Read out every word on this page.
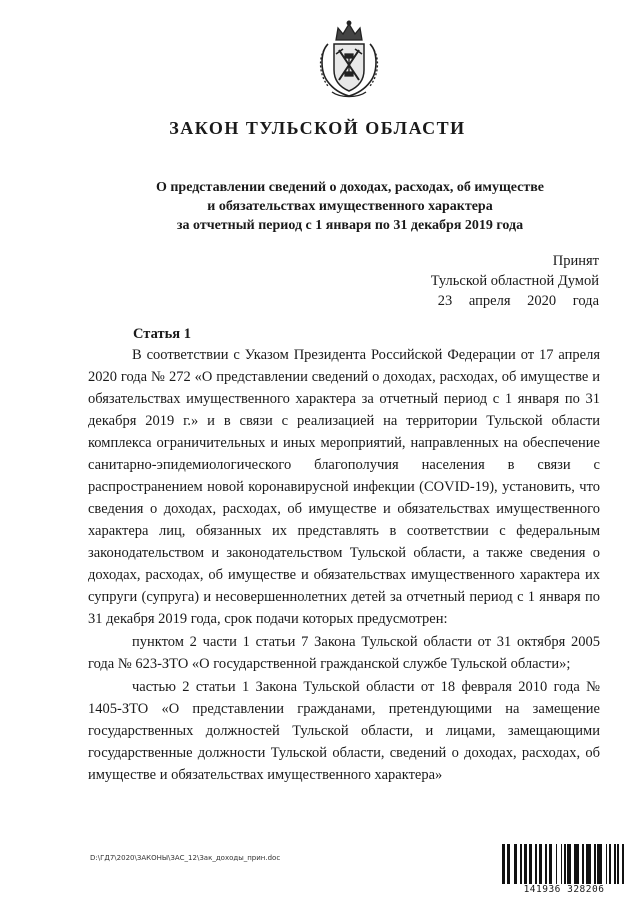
ЗАКОН ТУЛЬСКОЙ ОБЛАСТИ
О представлении сведений о доходах, расходах, об имуществе
и обязательствах имущественного характера
за отчетный период с 1 января по 31 декабря 2019 года
Принят
Тульской областной Думой
23 апреля 2020 года
Статья 1

В соответствии с Указом Президента Российской Федерации от 17 апреля 2020 года № 272 «О представлении сведений о доходах, расходах, об имуществе и обязательствах имущественного характера за отчетный период с 1 января по 31 декабря 2019 г.» и в связи с реализацией на территории Тульской области комплекса ограничительных и иных мероприятий, направленных на обеспечение санитарно-эпидемиологического благополучия населения в связи с распространением новой коронавирусной инфекции (COVID-19), установить, что сведения о доходах, расходах, об имуществе и обязательствах имущественного характера лиц, обязанных их представлять в соответствии с федеральным законодательством и законодательством Тульской области, а также сведения о доходах, расходах, об имуществе и обязательствах имущественного характера их супруги (супруга) и несовершеннолетних детей за отчетный период с 1 января по 31 декабря 2019 года, срок подачи которых предусмотрен:

пунктом 2 части 1 статьи 7 Закона Тульской области от 31 октября 2005 года № 623-ЗТО «О государственной гражданской службе Тульской области»;

частью 2 статьи 1 Закона Тульской области от 18 февраля 2010 года № 1405-ЗТО «О представлении гражданами, претендующими на замещение государственных должностей Тульской области, и лицами, замещающими государственные должности Тульской области, сведений о доходах, расходах, об имуществе и обязательствах имущественного характера»

D:\ГД7\2020\ЗАКОНЫ\ЗАС_12\Зак_доходы_прин.doc
141936 328206
